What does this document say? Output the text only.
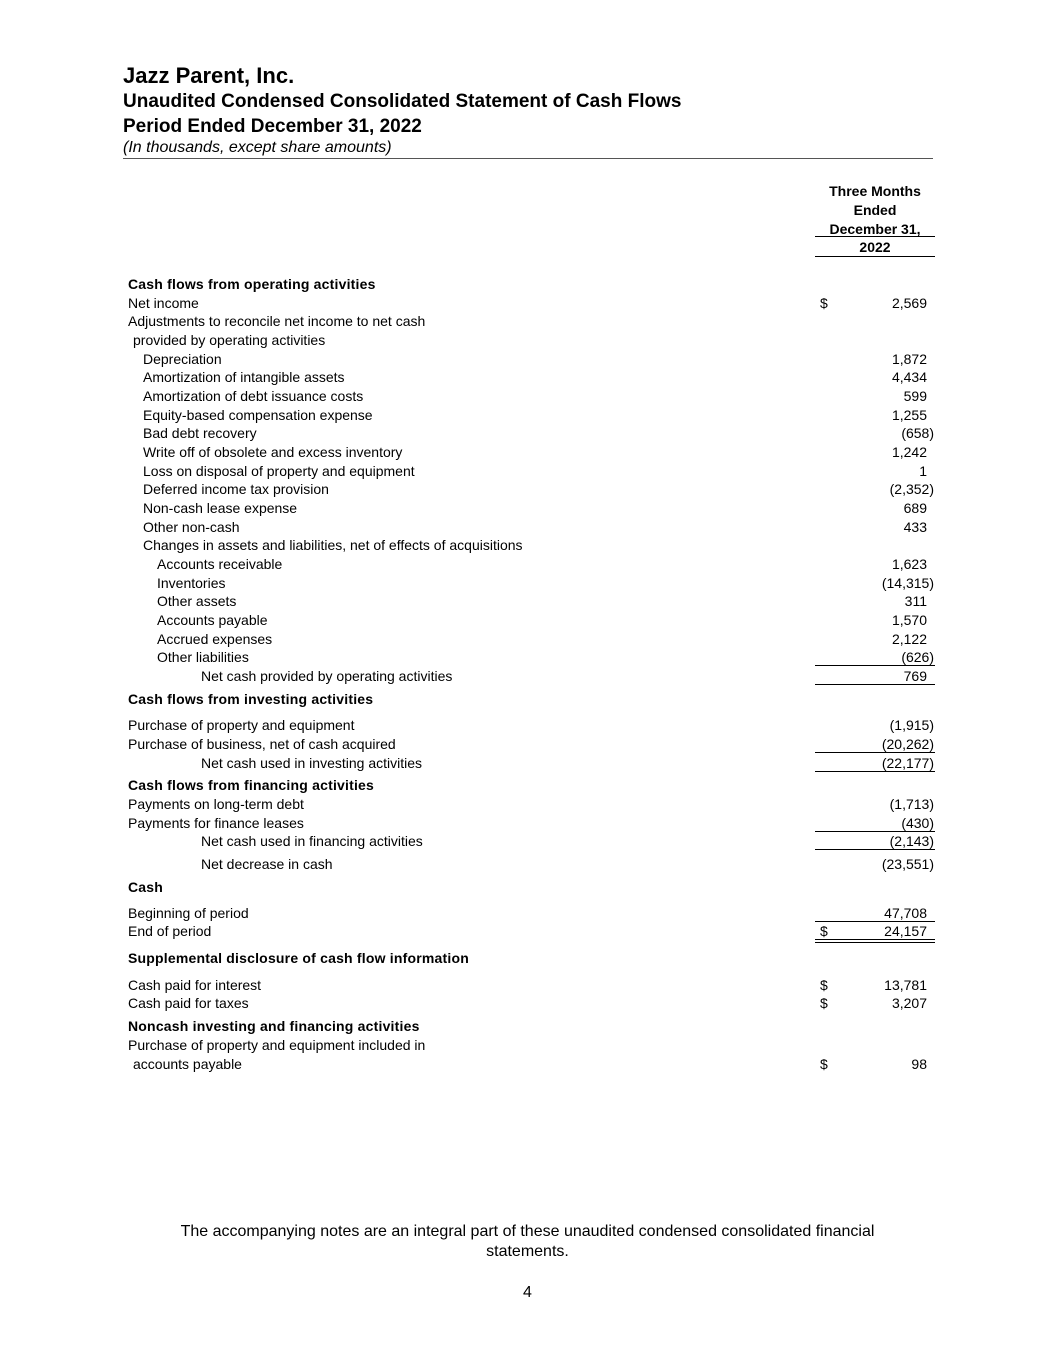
Jazz Parent, Inc.
Unaudited Condensed Consolidated Statement of Cash Flows
Period Ended December 31, 2022
(In thousands, except share amounts)
Three Months
Ended
December 31,
2022
Cash flows from operating activities
Net income	$	2,569
Adjustments to reconcile net income to net cash
provided by operating activities
Depreciation	1,872
Amortization of intangible assets	4,434
Amortization of debt issuance costs	599
Equity-based compensation expense	1,255
Bad debt recovery	(658)
Write off of obsolete and excess inventory	1,242
Loss on disposal of property and equipment	1
Deferred income tax provision	(2,352)
Non-cash lease expense	689
Other non-cash	433
Changes in assets and liabilities, net of effects of acquisitions
Accounts receivable	1,623
Inventories	(14,315)
Other assets	311
Accounts payable	1,570
Accrued expenses	2,122
Other liabilities	(626)
Net cash provided by operating activities	769
Cash flows from investing activities
Purchase of property and equipment	(1,915)
Purchase of business, net of cash acquired	(20,262)
Net cash used in investing activities	(22,177)
Cash flows from financing activities
Payments on long-term debt	(1,713)
Payments for finance leases	(430)
Net cash used in financing activities	(2,143)
Net decrease in cash	(23,551)
Cash
Beginning of period	47,708
End of period	$	24,157
Supplemental disclosure of cash flow information
Cash paid for interest	$	13,781
Cash paid for taxes	$	3,207
Noncash investing and financing activities
Purchase of property and equipment included in
accounts payable	$	98
The accompanying notes are an integral part of these unaudited condensed consolidated financial statements.
4
